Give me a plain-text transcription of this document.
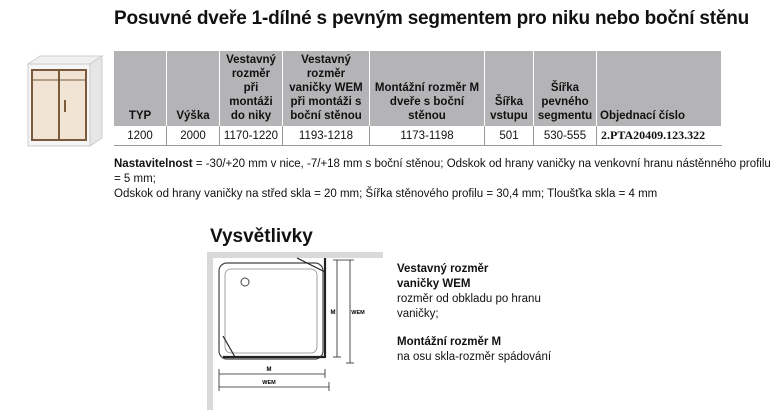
Posuvné dveře 1-dílné s pevným segmentem pro niku nebo boční stěnu
TYP	Výška	Vestavný rozměr při montáži do niky	Vestavný rozměr vaničky WEM při montáži s boční stěnou	Montážní rozměr M dveře s boční stěnou	Šířka vstupu	Šířka pevného segmentu	Objednací číslo
1200	2000	1170-1220	1193-1218	1173-1198	501	530-555	2.PTA20409.123.322
Nastavitelnost = -30/+20 mm v nice, -7/+18 mm s boční stěnou; Odskok od hrany vaničky na venkovní hranu nástěnného profilu = 5 mm;
Odskok od hrany vaničky na střed skla = 20 mm; Šířka stěnového profilu = 30,4 mm; Tloušťka skla = 4 mm
Vysvětlivky
M	WEM
M
WEM
Vestavný rozměr
vaničky WEM
rozměr od obkladu po hranu
vaničky;
Montážní rozměr M
na osu skla-rozměr spádování
